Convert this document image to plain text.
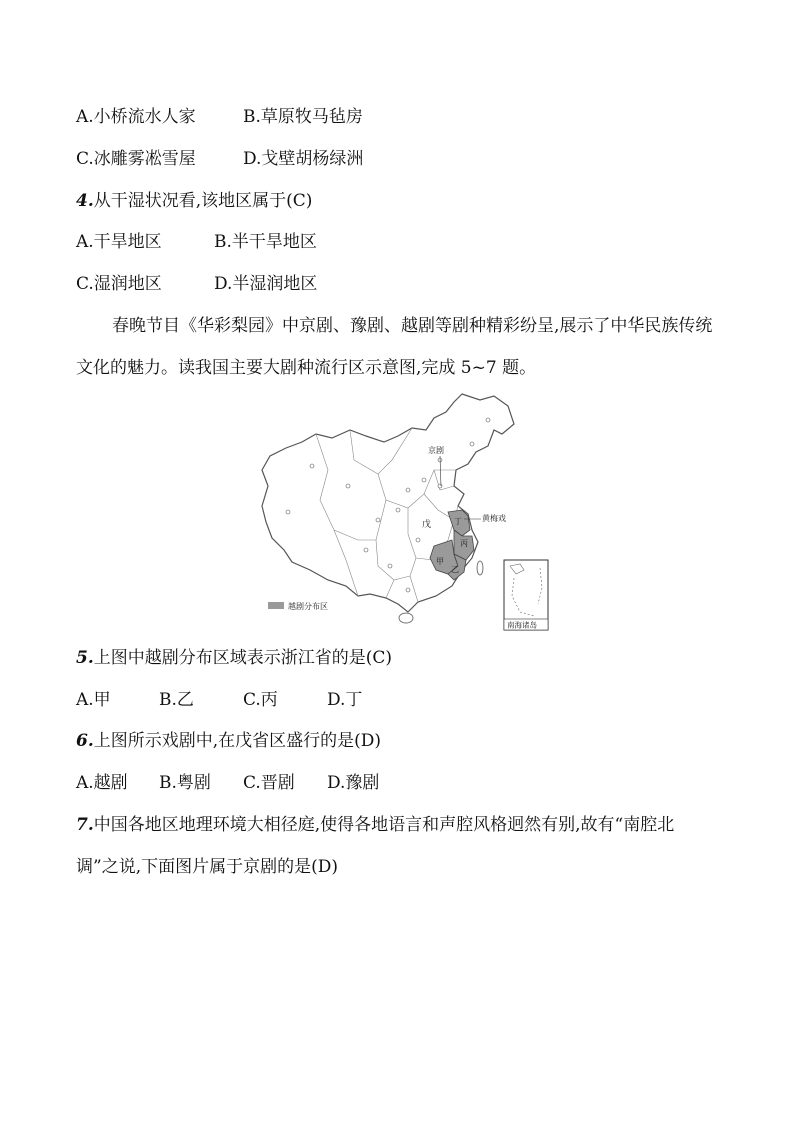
A.小桥流水人家	B.草原牧马毡房
C.冰雕雾凇雪屋	D.戈壁胡杨绿洲
4.从干湿状况看,该地区属于(C)
A.干旱地区	B.半干旱地区
C.湿润地区	D.半湿润地区
春晚节目《华彩梨园》中京剧、豫剧、越剧等剧种精彩纷呈,展示了中华民族传统文化的魅力。读我国主要大剧种流行区示意图,完成 5~7 题。
京剧
黄梅戏
戊	丁
丙
甲
乙
越剧分布区
南海诸岛
5.上图中越剧分布区域表示浙江省的是(C)
A.甲	B.乙	C.丙	D.丁
6.上图所示戏剧中,在戊省区盛行的是(D)
A.越剧 B.粤剧 C.晋剧 D.豫剧
7.中国各地区地理环境大相径庭,使得各地语言和声腔风格迥然有别,故有“南腔北
调”之说,下面图片属于京剧的是(D)
